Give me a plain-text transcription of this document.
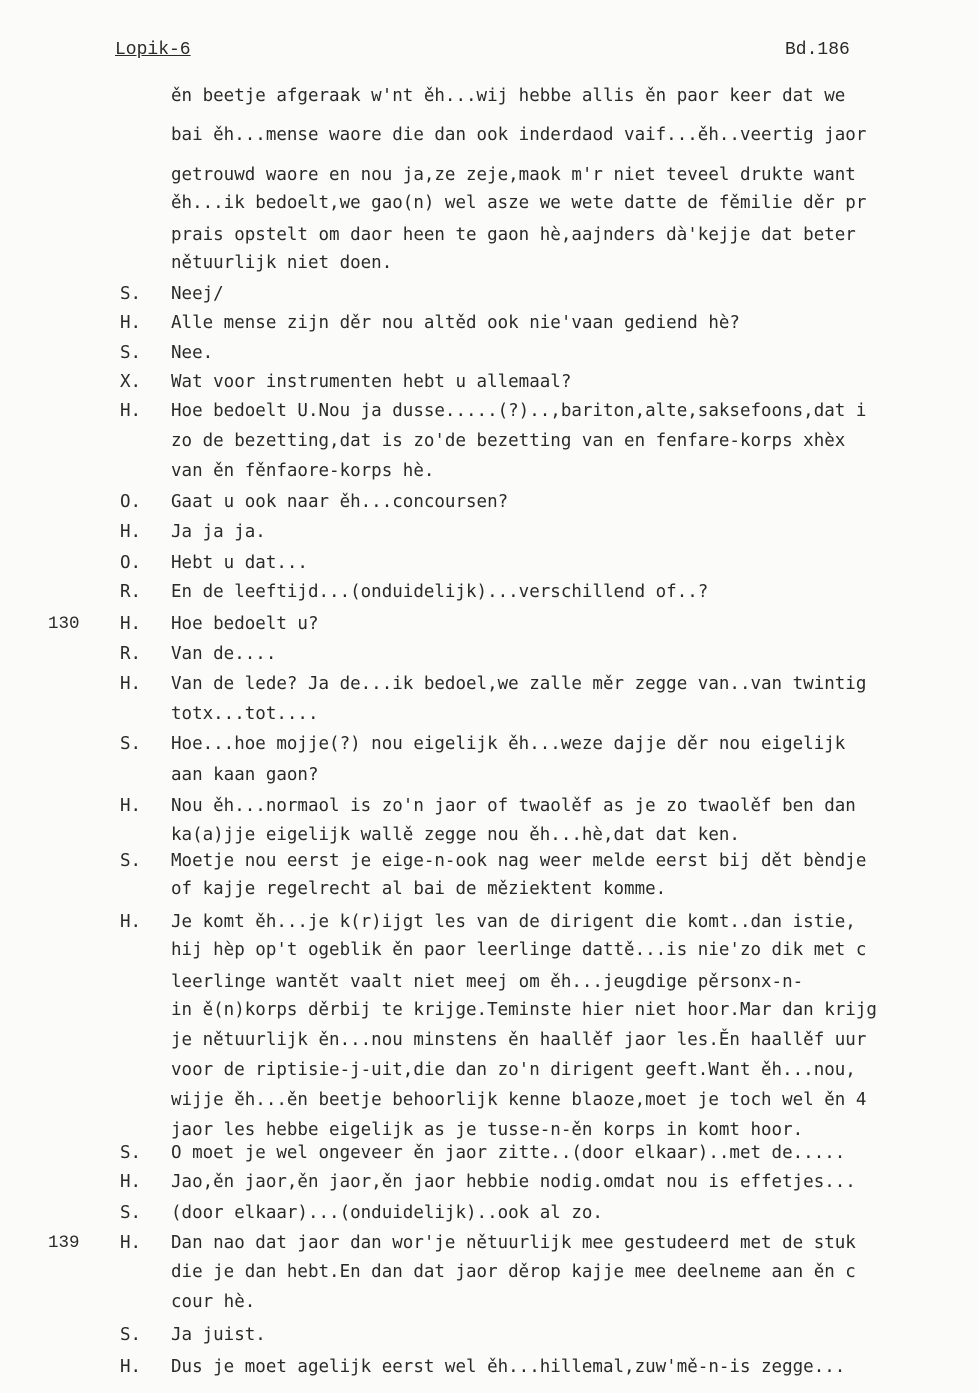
Lopik-6	Bd.186
ěn beetje afgeraak w'nt ěh...wij hebbe allis ěn paor keer dat we
bai ěh...mense waore die dan ook inderdaod vaif...ěh..veertig jaor
getrouwd waore en nou ja,ze zeje,maok m'r niet teveel drukte want
ěh...ik bedoelt,we gao(n) wel asze we wete datte de fěmilie děr pr
prais opstelt om daor heen te gaon hè,aajnders dà'kejje dat beter
nětuurlijk niet doen.
S.	Neej/
H.	Alle mense zijn děr nou altěd ook nie'vaan gediend hè?
S.	Nee.
X.	Wat voor instrumenten hebt u allemaal?
H.	Hoe bedoelt U.Nou ja dusse.....(?)..,bariton,alte,saksefoons,dat i
zo de bezetting,dat is zo'de bezetting van en fenfare-korps xhèx
van ěn fěnfaore-korps hè.
O.	Gaat u ook naar ěh...concoursen?
H.	Ja ja ja.
O.	Hebt u dat...
R.	En de leeftijd...(onduidelijk)...verschillend of..?
130	H.	Hoe bedoelt u?
R.	Van de....
H.	Van de lede? Ja de...ik bedoel,we zalle měr zegge van..van twintig
totx...tot....
S.	Hoe...hoe mojje(?) nou eigelijk ěh...weze dajje děr nou eigelijk
aan kaan gaon?
H.	Nou ěh...normaol is zo'n jaor of twaolěf as je zo twaolěf ben dan
ka(a)jje eigelijk wallě zegge nou ěh...hè,dat dat ken.
S.	Moetje nou eerst je eige-n-ook nag weer melde eerst bij dět bèndje
of kajje regelrecht al bai de měziektent komme.
H.	Je komt ěh...je k(r)ijgt les van de dirigent die komt..dan istie,
hij hèp op't ogeblik ěn paor leerlinge dattě...is nie'zo dik met c
leerlinge wantět vaalt niet meej om ěh...jeugdige pěrsonx-n-
in ě(n)korps děrbij te krijge.Teminste hier niet hoor.Mar dan krijg
je nětuurlijk ěn...nou minstens ěn haallěf jaor les.Ěn haallěf uur
voor de riptisie-j-uit,die dan zo'n dirigent geeft.Want ěh...nou,
wijje ěh...ěn beetje behoorlijk kenne blaoze,moet je toch wel ěn 4
jaor les hebbe eigelijk as je tusse-n-ěn korps in komt hoor.
S.	O moet je wel ongeveer ěn jaor zitte..(door elkaar)..met de.....
H.	Jao,ěn jaor,ěn jaor,ěn jaor hebbie nodig.omdat nou is effetjes...
S.	(door elkaar)...(onduidelijk)..ook al zo.
139	H.	Dan nao dat jaor dan wor'je nětuurlijk mee gestudeerd met de stuk
die je dan hebt.En dan dat jaor děrop kajje mee deelneme aan ěn c
cour hè.
S.	Ja juist.
H.	Dus je moet agelijk eerst wel ěh...hillemal,zuw'mě-n-is zegge...
